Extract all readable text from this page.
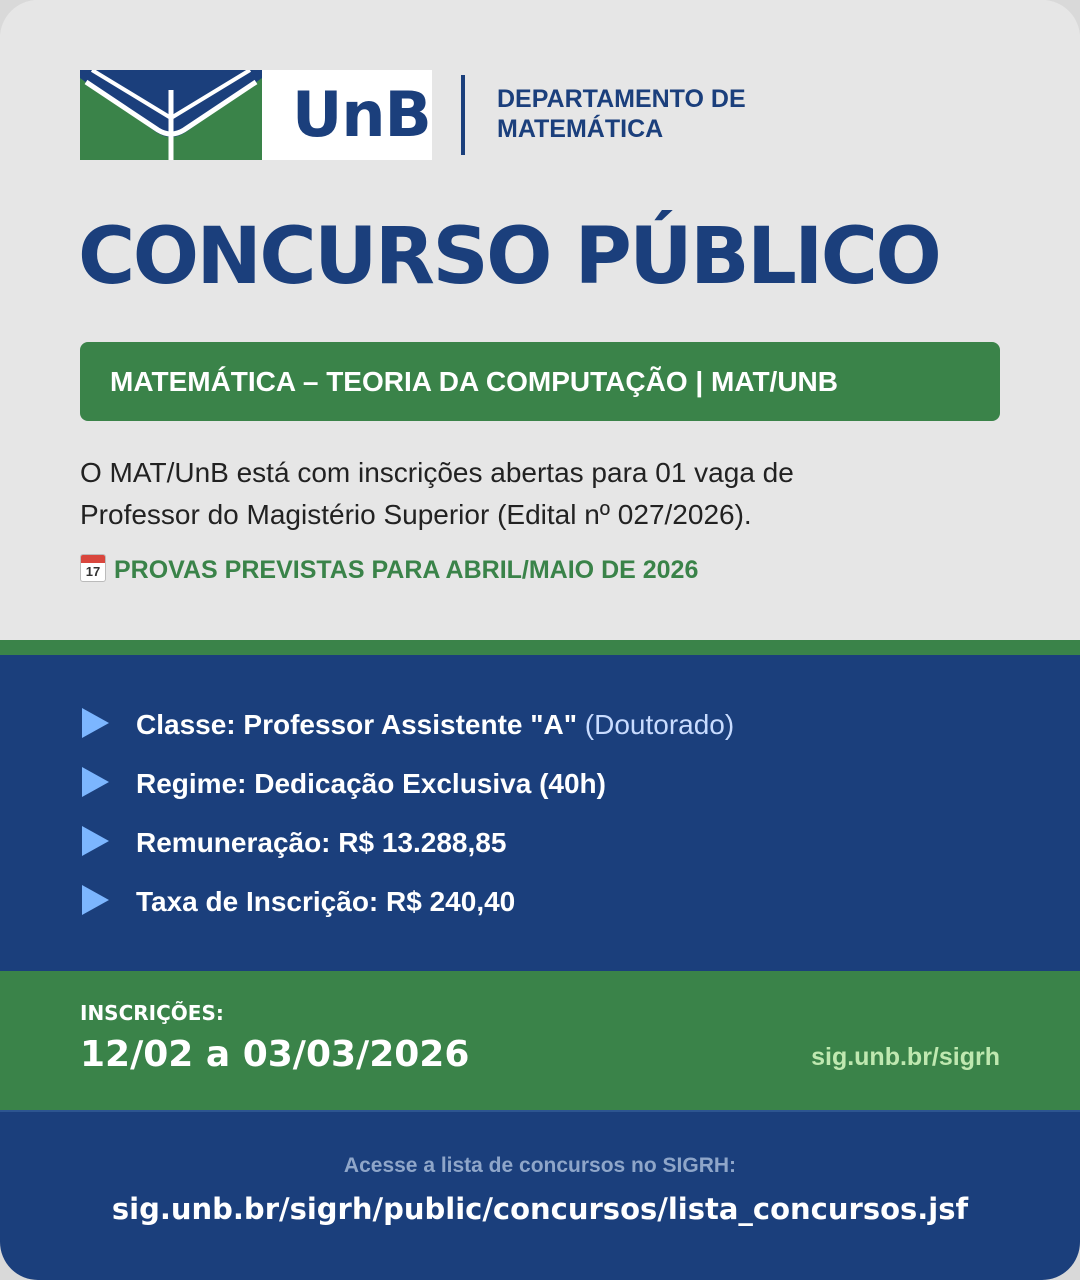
UnB	DEPARTAMENTO DE
MATEMÁTICA
CONCURSO PÚBLICO
MATEMÁTICA – TEORIA DA COMPUTAÇÃO | MAT/UNB
O MAT/UnB está com inscrições abertas para 01 vaga de
Professor do Magistério Superior (Edital nº 027/2026).
17 PROVAS PREVISTAS PARA ABRIL/MAIO DE 2026
Classe: Professor Assistente "A" (Doutorado)
Regime: Dedicação Exclusiva (40h)
Remuneração: R$ 13.288,85
Taxa de Inscrição: R$ 240,40
INSCRIÇÕES:
12/02 a 03/03/2026	sig.unb.br/sigrh
Acesse a lista de concursos no SIGRH:
sig.unb.br/sigrh/public/concursos/lista_concursos.jsf
